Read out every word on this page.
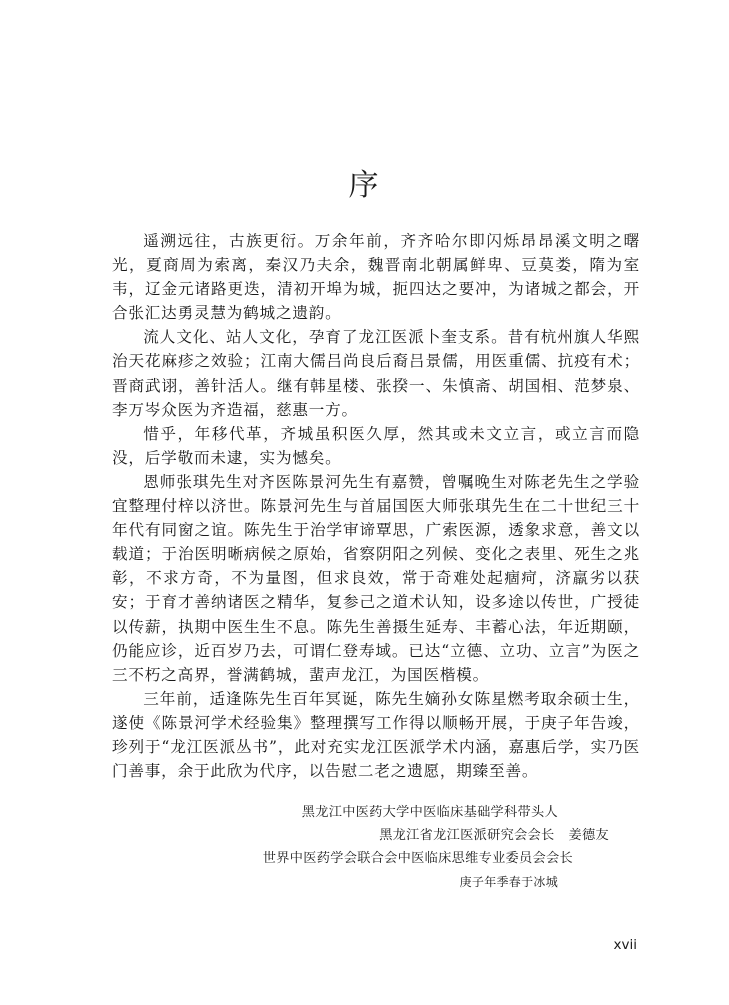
序

遥溯远往，古族更衍。万余年前，齐齐哈尔即闪烁昂昂溪文明之曙光，夏商周为索离，秦汉乃夫余，魏晋南北朝属鲜卑、豆莫娄，隋为室韦，辽金元诸路更迭，清初开埠为城，扼四达之要冲，为诸城之都会，开合张汇达勇灵慧为鹤城之遗韵。

流人文化、站人文化，孕育了龙江医派卜奎支系。昔有杭州旗人华熙治天花麻疹之效验；江南大儒吕尚良后裔吕景儒，用医重儒、抗疫有术；晋商武诩，善针活人。继有韩星楼、张揆一、朱慎斋、胡国相、范梦泉、李万岑众医为齐造福，慈惠一方。

惜乎，年移代革，齐城虽积医久厚，然其或未文立言，或立言而隐没，后学敬而未逮，实为憾矣。

恩师张琪先生对齐医陈景河先生有嘉赞，曾嘱晚生对陈老先生之学验宜整理付梓以济世。陈景河先生与首届国医大师张琪先生在二十世纪三十年代有同窗之谊。陈先生于治学审谛覃思，广索医源，透象求意，善文以载道；于治医明晰病候之原始，省察阴阳之列候、变化之表里、死生之兆彰，不求方奇，不为量图，但求良效，常于奇难处起痼疴，济羸劣以获安；于育才善纳诸医之精华，复参己之道术认知，设多途以传世，广授徒以传薪，执期中医生生不息。陈先生善摄生延寿、丰蓄心法，年近期颐，仍能应诊，近百岁乃去，可谓仁登寿域。已达“立德、立功、立言”为医之三不朽之高界，誉满鹤城，蜚声龙江，为国医楷模。

三年前，适逢陈先生百年冥诞，陈先生嫡孙女陈星燃考取余硕士生，遂使《陈景河学术经验集》整理撰写工作得以顺畅开展，于庚子年告竣，珍列于“龙江医派丛书”，此对充实龙江医派学术内涵，嘉惠后学，实乃医门善事，余于此欣为代序，以告慰二老之遗愿，期臻至善。

黑龙江中医药大学中医临床基础学科带头人
黑龙江省龙江医派研究会会长 姜德友
世界中医药学会联合会中医临床思维专业委员会会长
庚子年季春于冰城
xvii
